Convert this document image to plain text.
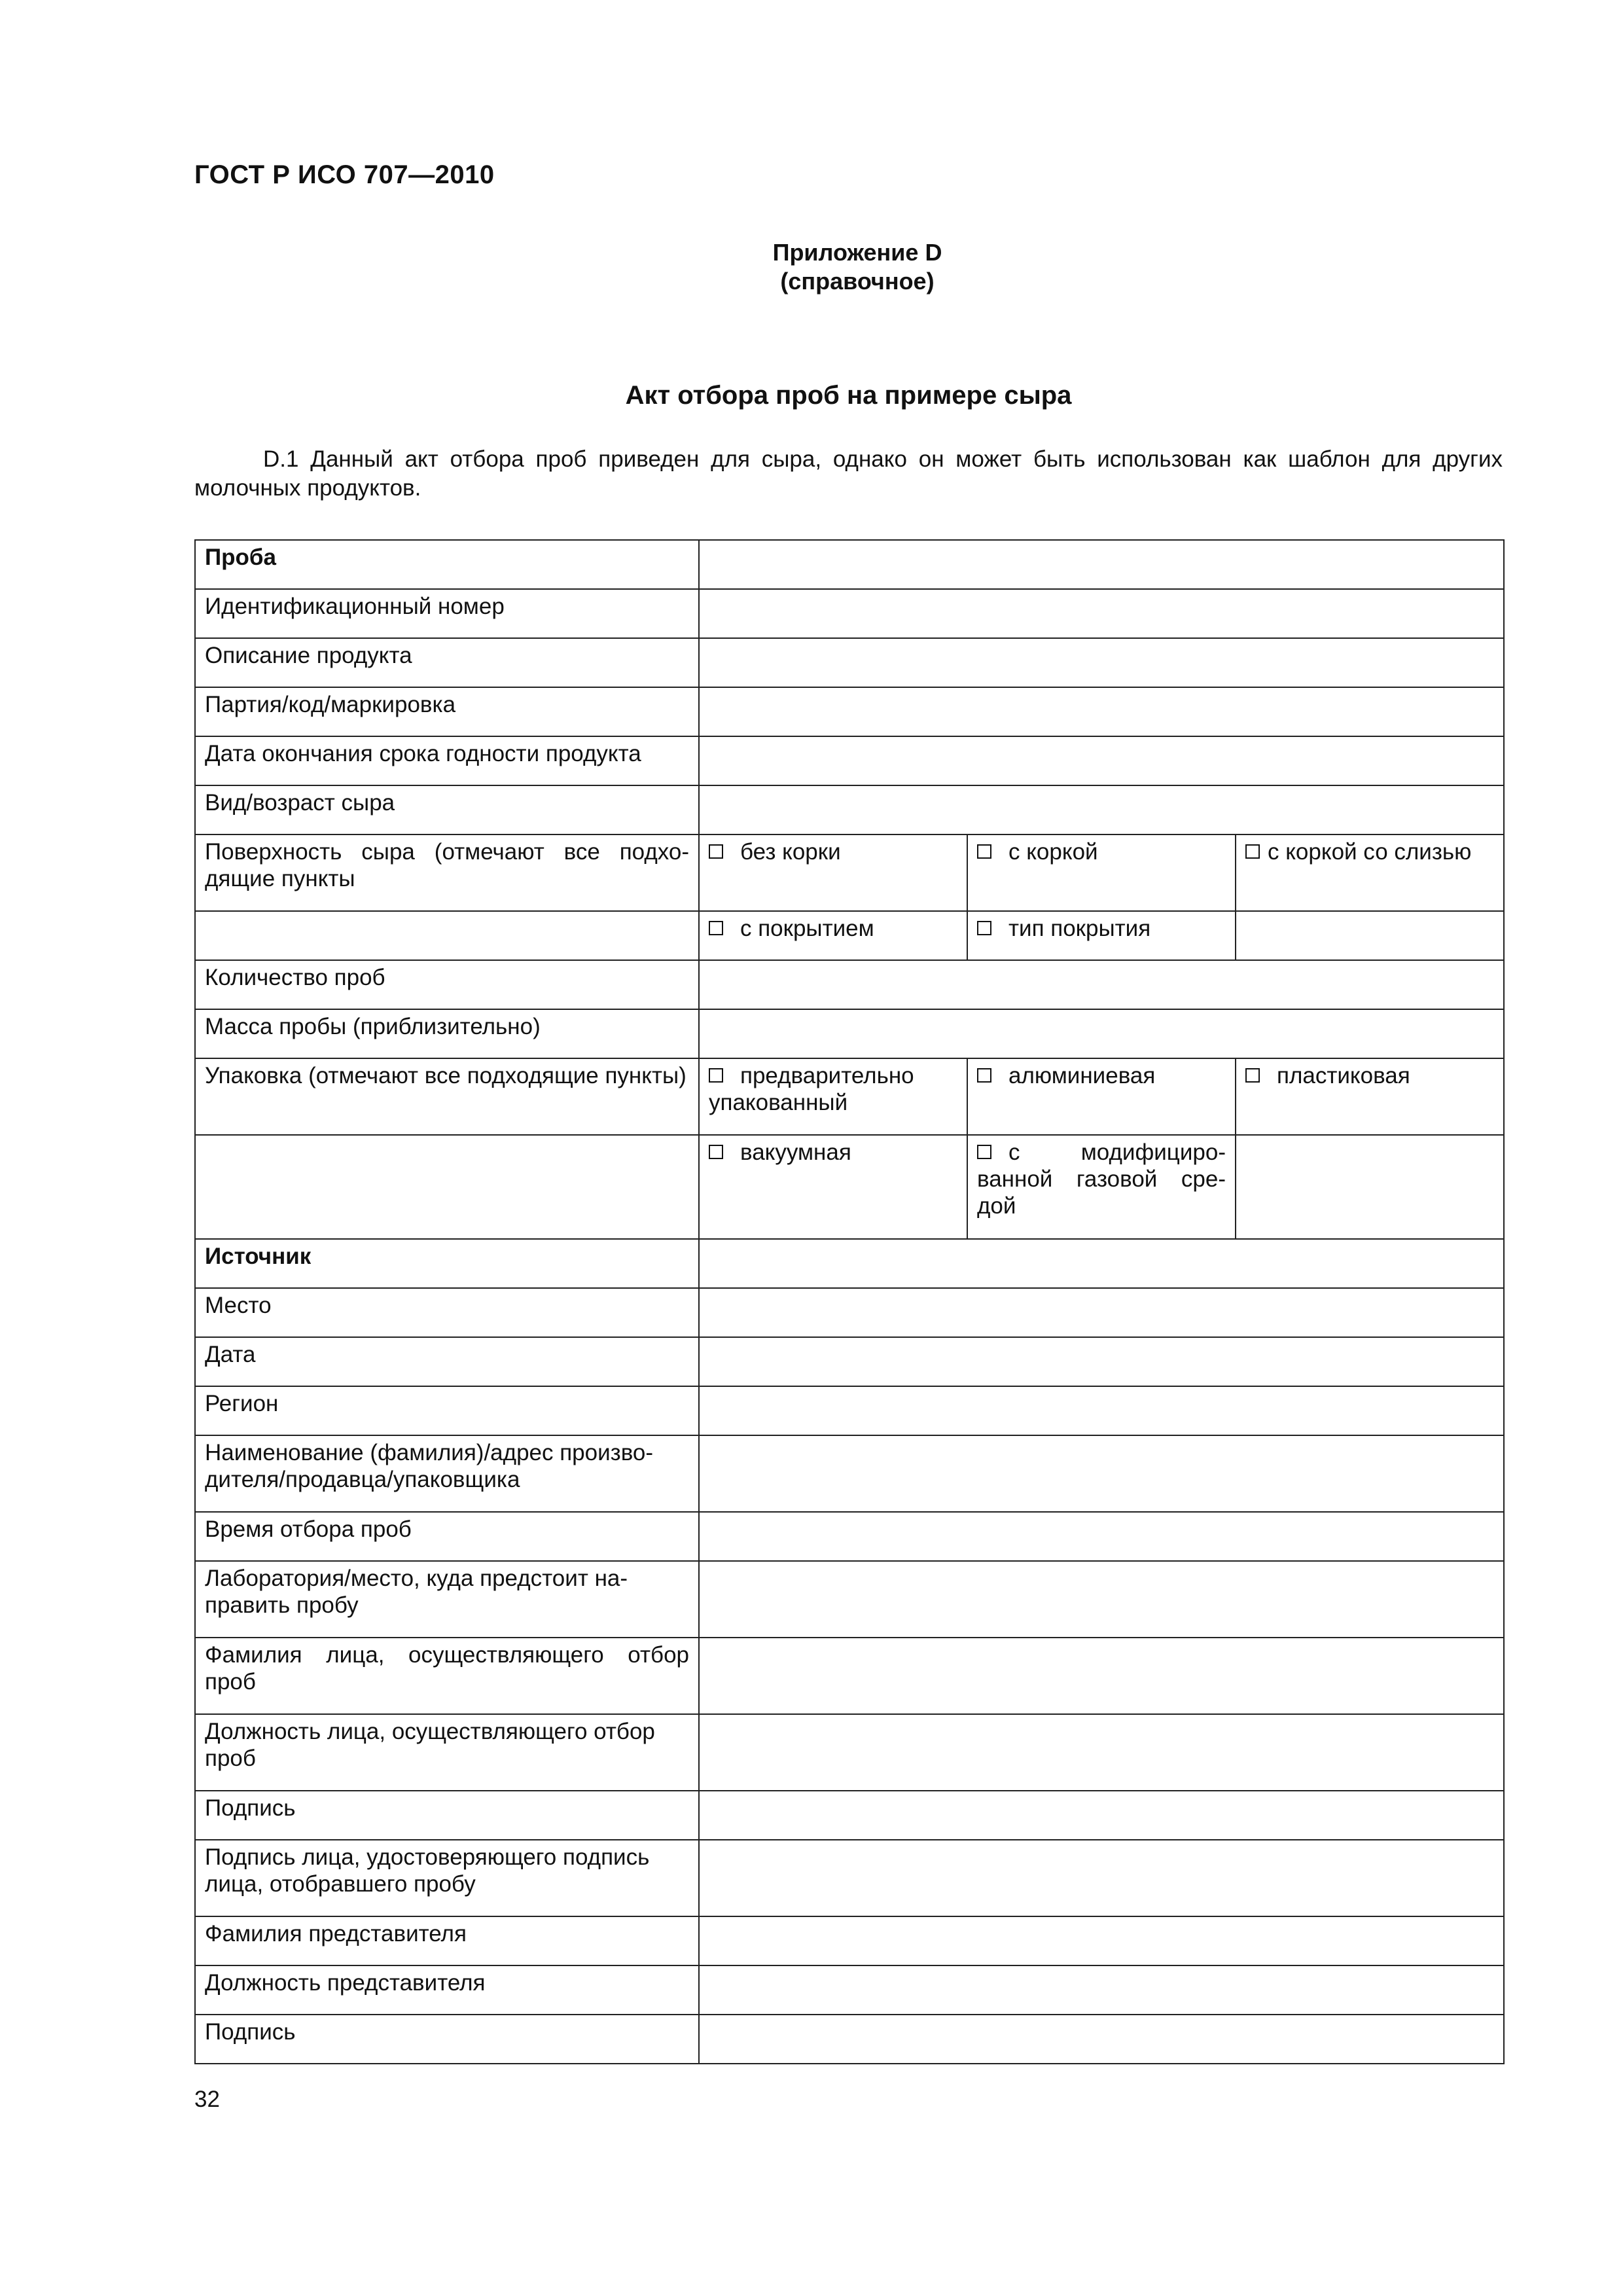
ГОСТ Р ИСО 707—2010
Приложение D
(справочное)
Акт отбора проб на примере сыра

D.1 Данный акт отбора проб приведен для сыра, однако он может быть использован как шаблон для других молочных продуктов.

Проба			
Идентификационный номер			
Описание продукта			
Партия/код/маркировка			
Дата окончания срока годности продукта			
Вид/возраст сыра			
Поверхность сыра (отмечают все подхо-дящие пункты	без корки	с коркой	с коркой со слизью
	с покрытием	тип покрытия	
Количество проб			
Масса пробы (приблизительно)			
Упаковка (отмечают все подходящие пункты)	предварительно упакованный	алюминиевая	пластиковая
	вакуумная	с модифициро-ванной газовой сре-дой	
Источник			
Место			
Дата			
Регион			
Наименование (фамилия)/адрес произво-дителя/продавца/упаковщика			
Время отбора проб			
Лаборатория/место, куда предстоит на-править пробу			
Фамилия лица, осуществляющего отбор проб			
Должность лица, осуществляющего отбор проб			
Подпись			
Подпись лица, удостоверяющего подпись лица, отобравшего пробу			
Фамилия представителя			
Должность представителя			
Подпись			
32
